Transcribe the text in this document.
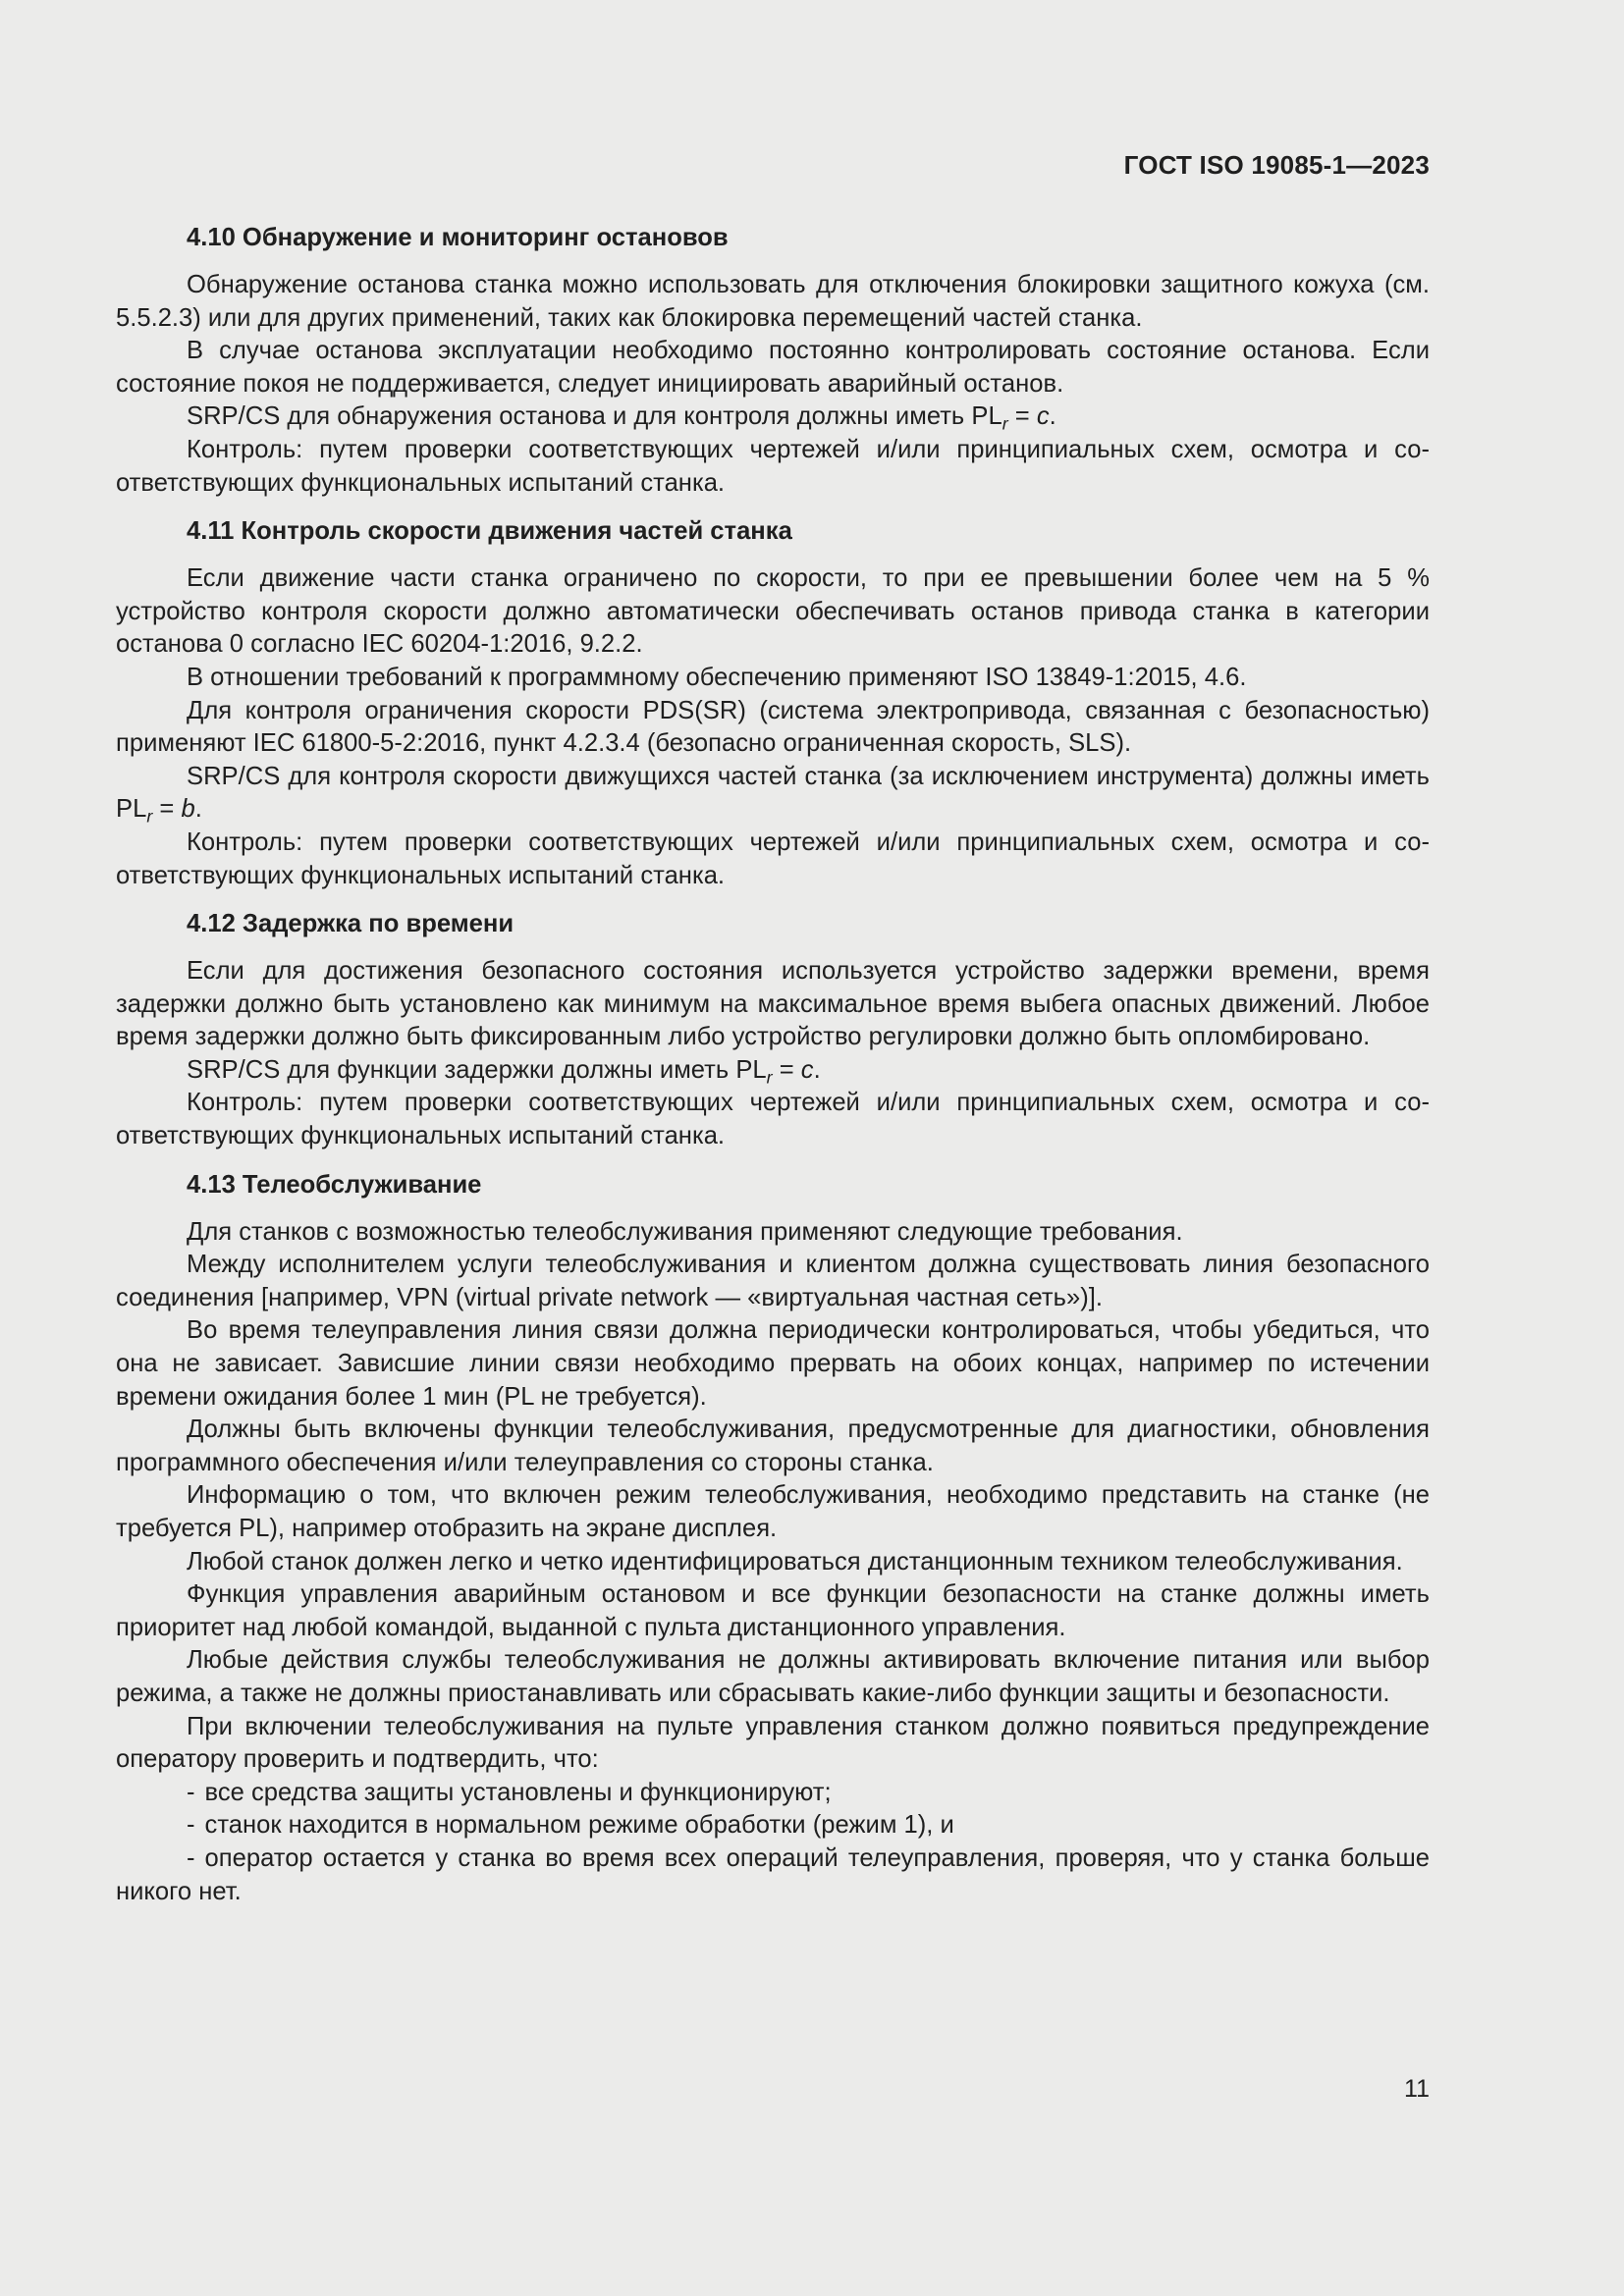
ГОСТ ISO 19085-1—2023
4.10 Обнаружение и мониторинг остановов

Обнаружение останова станка можно использовать для отключения блокировки защитного кожуха (см. 5.5.2.3) или для других применений, таких как блокировка перемещений частей станка.

В случае останова эксплуатации необходимо постоянно контролировать состояние останова. Если состояние покоя не поддерживается, следует инициировать аварийный останов.

SRP/CS для обнаружения останова и для контроля должны иметь $PL_r = c$.

Контроль: путем проверки соответствующих чертежей и/или принципиальных схем, осмотра и соответствующих функциональных испытаний станка.

4.11 Контроль скорости движения частей станка

Если движение части станка ограничено по скорости, то при ее превышении более чем на 5 % устройство контроля скорости должно автоматически обеспечивать останов привода станка в категории останова 0 согласно IEC 60204-1:2016, 9.2.2.

В отношении требований к программному обеспечению применяют ISO 13849-1:2015, 4.6.

Для контроля ограничения скорости PDS(SR) (система электропривода, связанная с безопасностью) применяют IEC 61800-5-2:2016, пункт 4.2.3.4 (безопасно ограниченная скорость, SLS).

SRP/CS для контроля скорости движущихся частей станка (за исключением инструмента) должны иметь $PL_r = b$.

Контроль: путем проверки соответствующих чертежей и/или принципиальных схем, осмотра и соответствующих функциональных испытаний станка.

4.12 Задержка по времени

Если для достижения безопасного состояния используется устройство задержки времени, время задержки должно быть установлено как минимум на максимальное время выбега опасных движений. Любое время задержки должно быть фиксированным либо устройство регулировки должно быть опломбировано.

SRP/CS для функции задержки должны иметь $PL_r = c$.

Контроль: путем проверки соответствующих чертежей и/или принципиальных схем, осмотра и соответствующих функциональных испытаний станка.

4.13 Телеобслуживание

Для станков с возможностью телеобслуживания применяют следующие требования.

Между исполнителем услуги телеобслуживания и клиентом должна существовать линия безопасного соединения [например, VPN (virtual private network — «виртуальная частная сеть»)].

Во время телеуправления линия связи должна периодически контролироваться, чтобы убедиться, что она не зависает. Зависшие линии связи необходимо прервать на обоих концах, например по истечении времени ожидания более 1 мин (PL не требуется).

Должны быть включены функции телеобслуживания, предусмотренные для диагностики, обновления программного обеспечения и/или телеуправления со стороны станка.

Информацию о том, что включен режим телеобслуживания, необходимо представить на станке (не требуется PL), например отобразить на экране дисплея.

Любой станок должен легко и четко идентифицироваться дистанционным техником телеобслуживания.

Функция управления аварийным остановом и все функции безопасности на станке должны иметь приоритет над любой командой, выданной с пульта дистанционного управления.

Любые действия службы телеобслуживания не должны активировать включение питания или выбор режима, а также не должны приостанавливать или сбрасывать какие-либо функции защиты и безопасности.

При включении телеобслуживания на пульте управления станком должно появиться предупреждение оператору проверить и подтвердить, что:

- все средства защиты установлены и функционируют;

- станок находится в нормальном режиме обработки (режим 1), и

- оператор остается у станка во время всех операций телеуправления, проверяя, что у станка больше никого нет.

11
